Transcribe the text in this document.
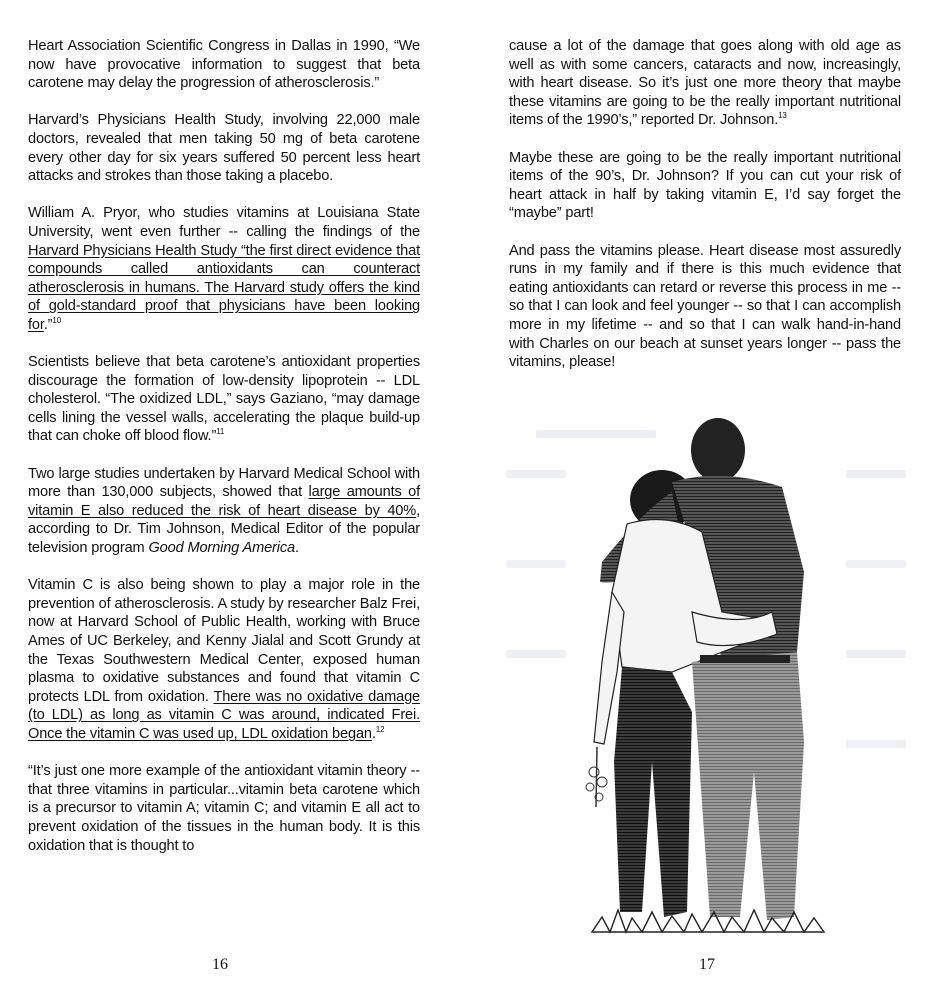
Heart Association Scientific Congress in Dallas in 1990, “We now have provocative information to suggest that beta carotene may delay the progression of atherosclerosis.”

Harvard’s Physicians Health Study, involving 22,000 male doctors, revealed that men taking 50 mg of beta carotene every other day for six years suffered 50 percent less heart attacks and strokes than those taking a placebo.

William A. Pryor, who studies vitamins at Louisiana State University, went even further -- calling the findings of the Harvard Physicians Health Study “the first direct evidence that compounds called antioxidants can counteract atherosclerosis in humans. The Harvard study offers the kind of gold-standard proof that physicians have been looking for.”$^{10}$

Scientists believe that beta carotene’s antioxidant properties discourage the formation of low-density lipoprotein -- LDL cholesterol. “The oxidized LDL,” says Gaziano, “may damage cells lining the vessel walls, accelerating the plaque build-up that can choke off blood flow.”$^{11}$

Two large studies undertaken by Harvard Medical School with more than 130,000 subjects, showed that large amounts of vitamin E also reduced the risk of heart disease by 40%, according to Dr. Tim Johnson, Medical Editor of the popular television program Good Morning America.

Vitamin C is also being shown to play a major role in the prevention of atherosclerosis. A study by researcher Balz Frei, now at Harvard School of Public Health, working with Bruce Ames of UC Berkeley, and Kenny Jialal and Scott Grundy at the Texas Southwestern Medical Center, exposed human plasma to oxidative substances and found that vitamin C protects LDL from oxidation. There was no oxidative damage (to LDL) as long as vitamin C was around, indicated Frei. Once the vitamin C was used up, LDL oxidation began.$^{12}$

“It’s just one more example of the antioxidant vitamin theory -- that three vitamins in particular...vitamin beta carotene which is a precursor to vitamin A; vitamin C; and vitamin E all act to prevent oxidation of the tissues in the human body. It is this oxidation that is thought to

16

cause a lot of the damage that goes along with old age as well as with some cancers, cataracts and now, increasingly, with heart disease. So it’s just one more theory that maybe these vitamins are going to be the really important nutritional items of the 1990’s,” reported Dr. Johnson.$^{13}$

Maybe these are going to be the really important nutritional items of the 90’s, Dr. Johnson? If you can cut your risk of heart attack in half by taking vitamin E, I’d say forget the “maybe” part!

And pass the vitamins please. Heart disease most assuredly runs in my family and if there is this much evidence that eating antioxidants can retard or reverse this process in me -- so that I can look and feel younger -- so that I can accomplish more in my lifetime -- and so that I can walk hand-in-hand with Charles on our beach at sunset years longer -- pass the vitamins, please!

17
